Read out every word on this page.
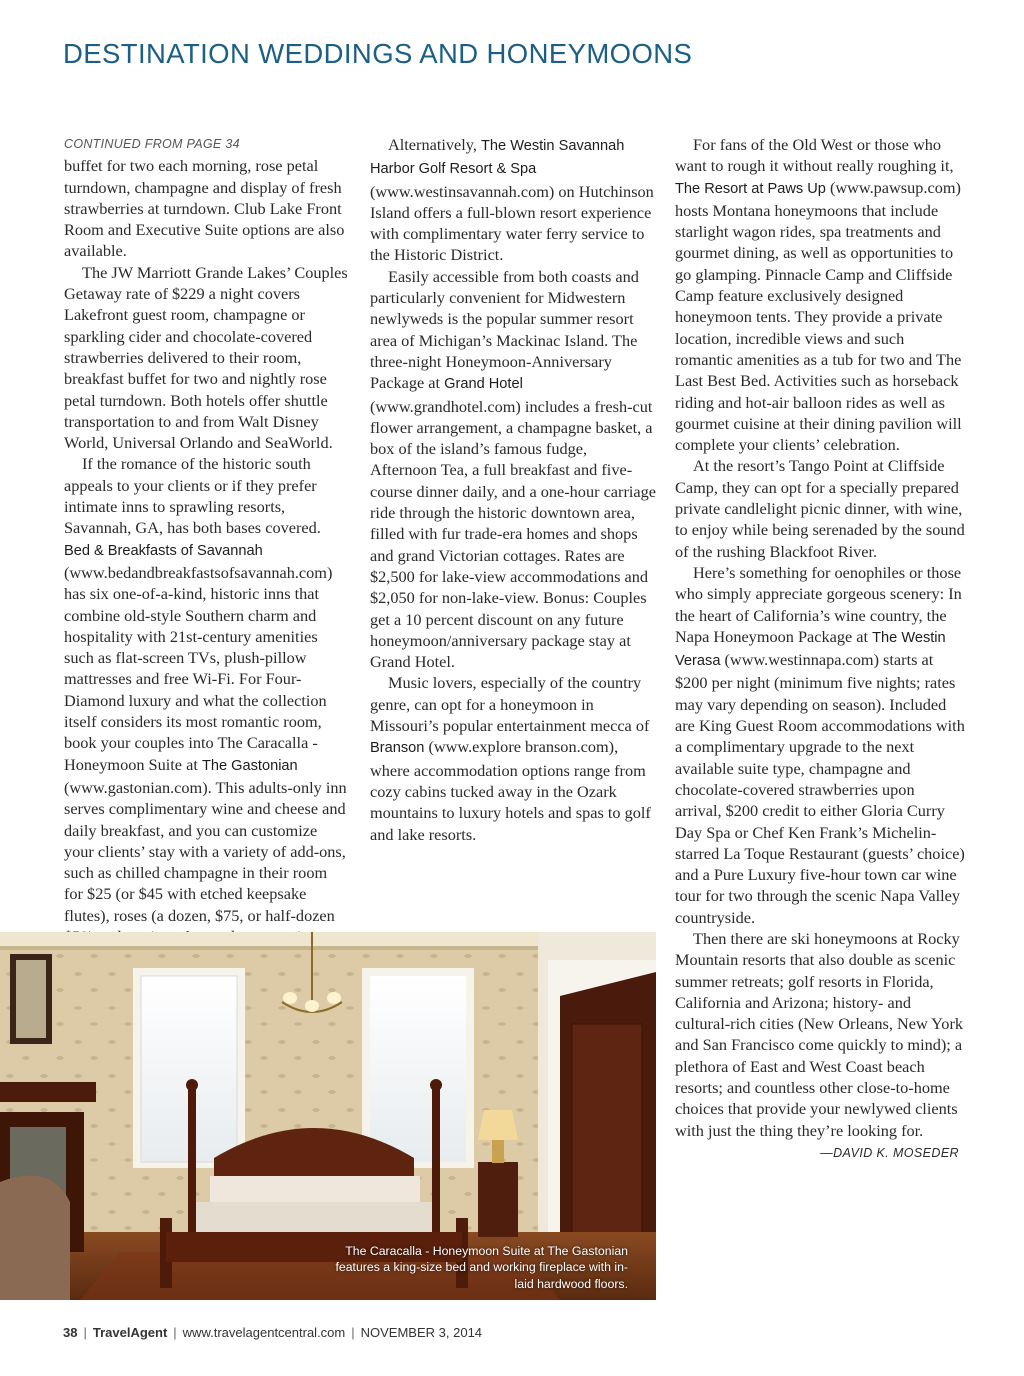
DESTINATION WEDDINGS AND HONEYMOONS

CONTINUED FROM PAGE 34

buffet for two each morning, rose petal turndown, champagne and display of fresh strawberries at turndown. Club Lake Front Room and Executive Suite options are also available.

The JW Marriott Grande Lakes’ Couples Getaway rate of $229 a night covers Lakefront guest room, champagne or sparkling cider and chocolate-covered strawberries delivered to their room, breakfast buffet for two and nightly rose petal turndown. Both hotels offer shuttle transportation to and from Walt Disney World, Universal Orlando and SeaWorld.

If the romance of the historic south appeals to your clients or if they prefer intimate inns to sprawling resorts, Savannah, GA, has both bases covered. Bed & Breakfasts of Savannah (www.bedandbreakfastsofsavannah.com) has six one-of-a-kind, historic inns that combine old-style Southern charm and hospitality with 21st-century amenities such as flat-screen TVs, plush-pillow mattresses and free Wi-Fi. For Four-Diamond luxury and what the collection itself considers its most romantic room, book your couples into The Caracalla - Honeymoon Suite at The Gastonian (www.gastonian.com). This adults-only inn serves complimentary wine and cheese and daily breakfast, and you can customize your clients’ stay with a variety of add-ons, such as chilled champagne in their room for $25 (or $45 with etched keepsake flutes), roses (a dozen, $75, or half-dozen

Alternatively, The Westin Savannah Harbor Golf Resort & Spa (www.westinsavannah.com) on Hutchinson Island offers a full-blown resort experience with complimentary water ferry service to the Historic District.

Easily accessible from both coasts and particularly convenient for Midwestern newlyweds is the popular summer resort area of Michigan’s Mackinac Island. The three-night Honeymoon-Anniversary Package at Grand Hotel (www.grandhotel.com) includes a fresh-cut flower arrangement, a champagne basket, a box of the island’s famous fudge, Afternoon Tea, a full breakfast and five-course dinner daily, and a one-hour carriage ride through the historic downtown area, filled with fur trade-era homes and shops and grand Victorian cottages. Rates are $2,500 for lake-view accommodations and $2,050 for non-lake-view. Bonus: Couples get a 10 percent discount on any future honeymoon/anniversary package stay at Grand Hotel.

Music lovers, especially of the country genre, can opt for a honeymoon in Missouri’s popular entertainment mecca of Branson (www.explore branson.com), where accommodation options range from cozy cabins tucked away in the Ozark mountains to luxury hotels and spas to golf and lake resorts.

For fans of the Old West or those who want to rough it without really roughing it, The Resort at Paws Up (www.pawsup.com) hosts Montana honeymoons that include starlight wagon rides, spa treatments and gourmet dining, as well as opportunities to go glamping. Pinnacle Camp and Cliffside Camp feature exclusively designed honeymoon tents. They provide a private location, incredible views and such romantic amenities as a tub for two and The Last Best Bed. Activities such as horseback riding and hot-air balloon rides as well as gourmet cuisine at their dining pavilion will complete your clients’ celebration.

At the resort’s Tango Point at Cliffside Camp, they can opt for a specially prepared private candlelight picnic dinner, with wine, to enjoy while being serenaded by the sound of the rushing Blackfoot River.

Here’s something for oenophiles or those who simply appreciate gorgeous scenery: In the heart of California’s wine country, the Napa Honeymoon Package at The Westin Verasa (www.westinnapa.com) starts at $200 per night (minimum five nights; rates may vary depending on season). Included are King Guest Room accommodations with a complimentary upgrade to the next available suite type, champagne and chocolate-covered strawberries upon arrival, $200 credit to either Gloria Curry Day Spa or Chef Ken Frank’s Michelin-starred La Toque Restaurant (guests’ choice) and a Pure Luxury five-hour town car wine tour for two through the scenic Napa Valley countryside.

Then there are ski honeymoons at Rocky Mountain resorts that also double as scenic summer retreats; golf resorts in Florida, California and Arizona; history- and cultural-rich cities (New Orleans, New York and San Francisco come quickly to mind); a plethora of East and West Coast beach resorts; and countless other close-to-home choices that provide your newlywed clients with just the thing they’re looking for.

—DAVID K. MOSEDER

The Caracalla - Honeymoon Suite at The Gastonian features a king-size bed and working fireplace with in-laid hardwood floors.
38 | TravelAgent | www.travelagentcentral.com | NOVEMBER 3, 2014
